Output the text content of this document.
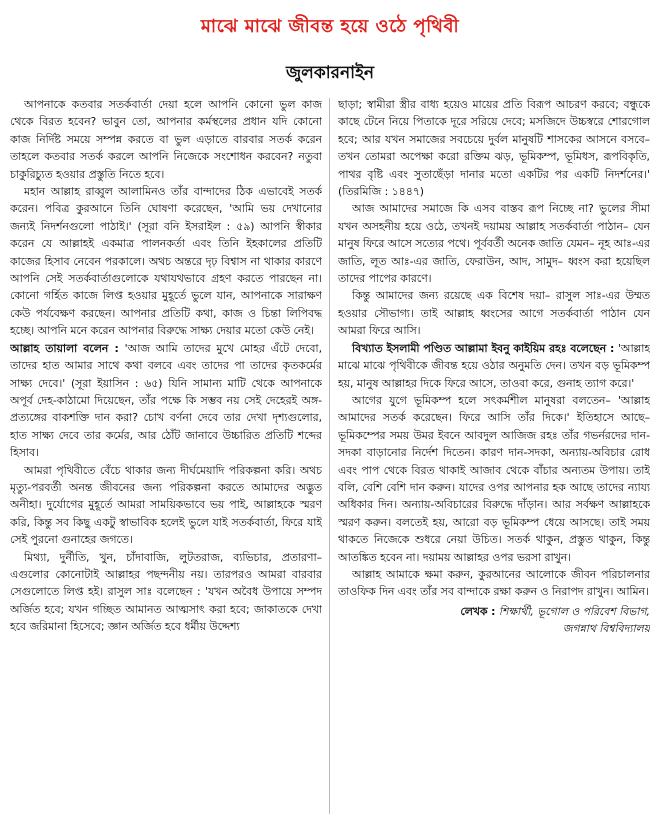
মাঝে মাঝে জীবন্ত হয়ে ওঠে পৃথিবী
জুলকারনাইন

আপনাকে কতবার সতর্কবার্তা দেয়া হলে আপনি কোনো ভুল কাজ থেকে বিরত হবেন? ভাবুন তো, আপনার কর্মস্থলের প্রধান যদি কোনো কাজ নির্দিষ্ট সময়ে সম্পন্ন করতে বা ভুল এড়াতে বারবার সতর্ক করেন তাহলে কতবার সতর্ক করলে আপনি নিজেকে সংশোধন করবেন? নতুবা চাকুরিচ্যুত হওয়ার প্রস্তুতি নিতে হবে।

মহান আল্লাহ রাব্বুল আলামিনও তাঁর বান্দাদের ঠিক এভাবেই সতর্ক করেন। পবিত্র কুরআনে তিনি ঘোষণা করেছেন, 'আমি ভয় দেখানোর জন্যই নিদর্শনগুলো পাঠাই।' (সূরা বনি ইসরাইল : ৫৯) আপনি স্বীকার করেন যে আল্লাহই একমাত্র পালনকর্তা এবং তিনি ইহকালের প্রতিটি কাজের হিসাব নেবেন পরকালে। অথচ অন্তরে দৃঢ় বিশ্বাস না থাকার কারণে আপনি সেই সতর্কবার্তাগুলোকে যথাযথভাবে গ্রহণ করতে পারছেন না। কোনো গর্হিত কাজে লিপ্ত হওয়ার মুহূর্তে ভুলে যান, আপনাকে সারাক্ষণ কেউ পর্যবেক্ষণ করছেন। আপনার প্রতিটি কথা, কাজ ও চিন্তা লিপিবদ্ধ হচ্ছে। আপনি মনে করেন আপনার বিরুদ্ধে সাক্ষ্য দেয়ার মতো কেউ নেই।

আল্লাহ তায়ালা বলেন : 'আজ আমি তাদের মুখে মোহর এঁটে দেবো, তাদের হাত আমার সাথে কথা বলবে এবং তাদের পা তাদের কৃতকর্মের সাক্ষ্য দেবে।' (সূরা ইয়াসিন : ৬৫) যিনি সামান্য মাটি থেকে আপনাকে অপূর্ব দেহ-কাঠামো দিয়েছেন, তাঁর পক্ষে কি সম্ভব নয় সেই দেহেরই অঙ্গ-প্রত্যঙ্গের বাকশক্তি দান করা? চোখ বর্ণনা দেবে তার দেখা দৃশ্যগুলোর, হাত সাক্ষ্য দেবে তার কর্মের, আর ঠোঁট জানাবে উচ্চারিত প্রতিটি শব্দের হিসাব।

আমরা পৃথিবীতে বেঁচে থাকার জন্য দীর্ঘমেয়াদি পরিকল্পনা করি। অথচ মৃত্যু-পরবর্তী অনন্ত জীবনের জন্য পরিকল্পনা করতে আমাদের অদ্ভুত অনীহা। দুর্যোগের মুহূর্তে আমরা সাময়িকভাবে ভয় পাই, আল্লাহকে স্মরণ করি, কিন্তু সব কিছু একটু স্বাভাবিক হলেই ভুলে যাই সতর্কবার্তা, ফিরে যাই সেই পুরনো গুনাহের জগতে।

মিথ্যা, দুর্নীতি, খুন, চাঁদাবাজি, লুটতরাজ, ব্যভিচার, প্রতারণা– এগুলোর কোনোটাই আল্লাহর পছন্দনীয় নয়। তারপরও আমরা বারবার সেগুলোতে লিপ্ত হই। রাসুল সাঃ বলেছেন : 'যখন অবৈধ উপায়ে সম্পদ অর্জিত হবে; যখন গচ্ছিত আমানত আত্মসাৎ করা হবে; জাকাতকে দেখা হবে জরিমানা হিসেবে; জ্ঞান অর্জিত হবে ধর্মীয় উদ্দেশ্য

ছাড়া; স্বামীরা স্ত্রীর বাধ্য হয়েও মায়ের প্রতি বিরূপ আচরণ করবে; বন্ধুকে কাছে টেনে নিয়ে পিতাকে দূরে সরিয়ে দেবে; মসজিদে উচ্চস্বরে শোরগোল হবে; আর যখন সমাজের সবচেয়ে দুর্বল মানুষটি শাসকের আসনে বসবে– তখন তোমরা অপেক্ষা করো রক্তিম ঝড়, ভূমিকম্প, ভূমিধস, রূপবিকৃতি, পাথর বৃষ্টি এবং সুতাছেঁড়া দানার মতো একটির পর একটি নিদর্শনের।' (তিরমিজি : ১৪৪৭)

আজ আমাদের সমাজে কি এসব বাস্তব রূপ নিচ্ছে না? ভুলের সীমা যখন অসহনীয় হয়ে ওঠে, তখনই দয়াময় আল্লাহ সতর্কবার্তা পাঠান– যেন মানুষ ফিরে আসে সত্যের পথে। পূর্ববর্তী অনেক জাতি যেমন– নূহ আঃ-এর জাতি, লূত আঃ-এর জাতি, ফেরাউন, আদ, সামুদ– ধ্বংস করা হয়েছিল তাদের পাপের কারণে।

কিন্তু আমাদের জন্য রয়েছে এক বিশেষ দয়া– রাসুল সাঃ-এর উম্মত হওয়ার সৌভাগ্য। তাই আল্লাহ ধ্বংসের আগে সতর্কবার্তা পাঠান যেন আমরা ফিরে আসি।

বিখ্যাত ইসলামী পণ্ডিত আল্লামা ইবনু কাইয়িম রহঃ বলেছেন : 'আল্লাহ মাঝে মাঝে পৃথিবীকে জীবন্ত হয়ে ওঠার অনুমতি দেন। তখন বড় ভূমিকম্প হয়, মানুষ আল্লাহর দিকে ফিরে আসে, তাওবা করে, গুনাহ ত্যাগ করে।'

আগের যুগে ভূমিকম্প হলে সৎকর্মশীল মানুষরা বলতেন– 'আল্লাহ আমাদের সতর্ক করেছেন। ফিরে আসি তাঁর দিকে।' ইতিহাসে আছে– ভূমিকম্পের সময় উমর ইবনে আবদুল আজিজ রহঃ তাঁর গভর্নরদের দান-সদকা বাড়ানোর নির্দেশ দিতেন। কারণ দান-সদকা, অন্যায়-অবিচার রোধ এবং পাপ থেকে বিরত থাকাই আজাব থেকে বাঁচার অন্যতম উপায়। তাই বলি, বেশি বেশি দান করুন। যাদের ওপর আপনার হক আছে তাদের ন্যায্য অধিকার দিন। অন্যায়-অবিচারের বিরুদ্ধে দাঁড়ান। আর সর্বক্ষণ আল্লাহকে স্মরণ করুন। বলতেই হয়, আরো বড় ভূমিকম্প ধেয়ে আসছে। তাই সময় থাকতে নিজেকে শুধরে নেয়া উচিত। সতর্ক থাকুন, প্রস্তুত থাকুন, কিন্তু আতঙ্কিত হবেন না। দয়াময় আল্লাহর ওপর ভরসা রাখুন।

আল্লাহ আমাকে ক্ষমা করুন, কুরআনের আলোকে জীবন পরিচালনার তাওফিক দিন এবং তাঁর সব বান্দাকে রক্ষা করুন ও নিরাপদ রাখুন। আমিন।

লেখক : শিক্ষার্থী, ভূগোল ও পরিবেশ বিভাগ,
জগন্নাথ বিশ্ববিদ্যালয়
